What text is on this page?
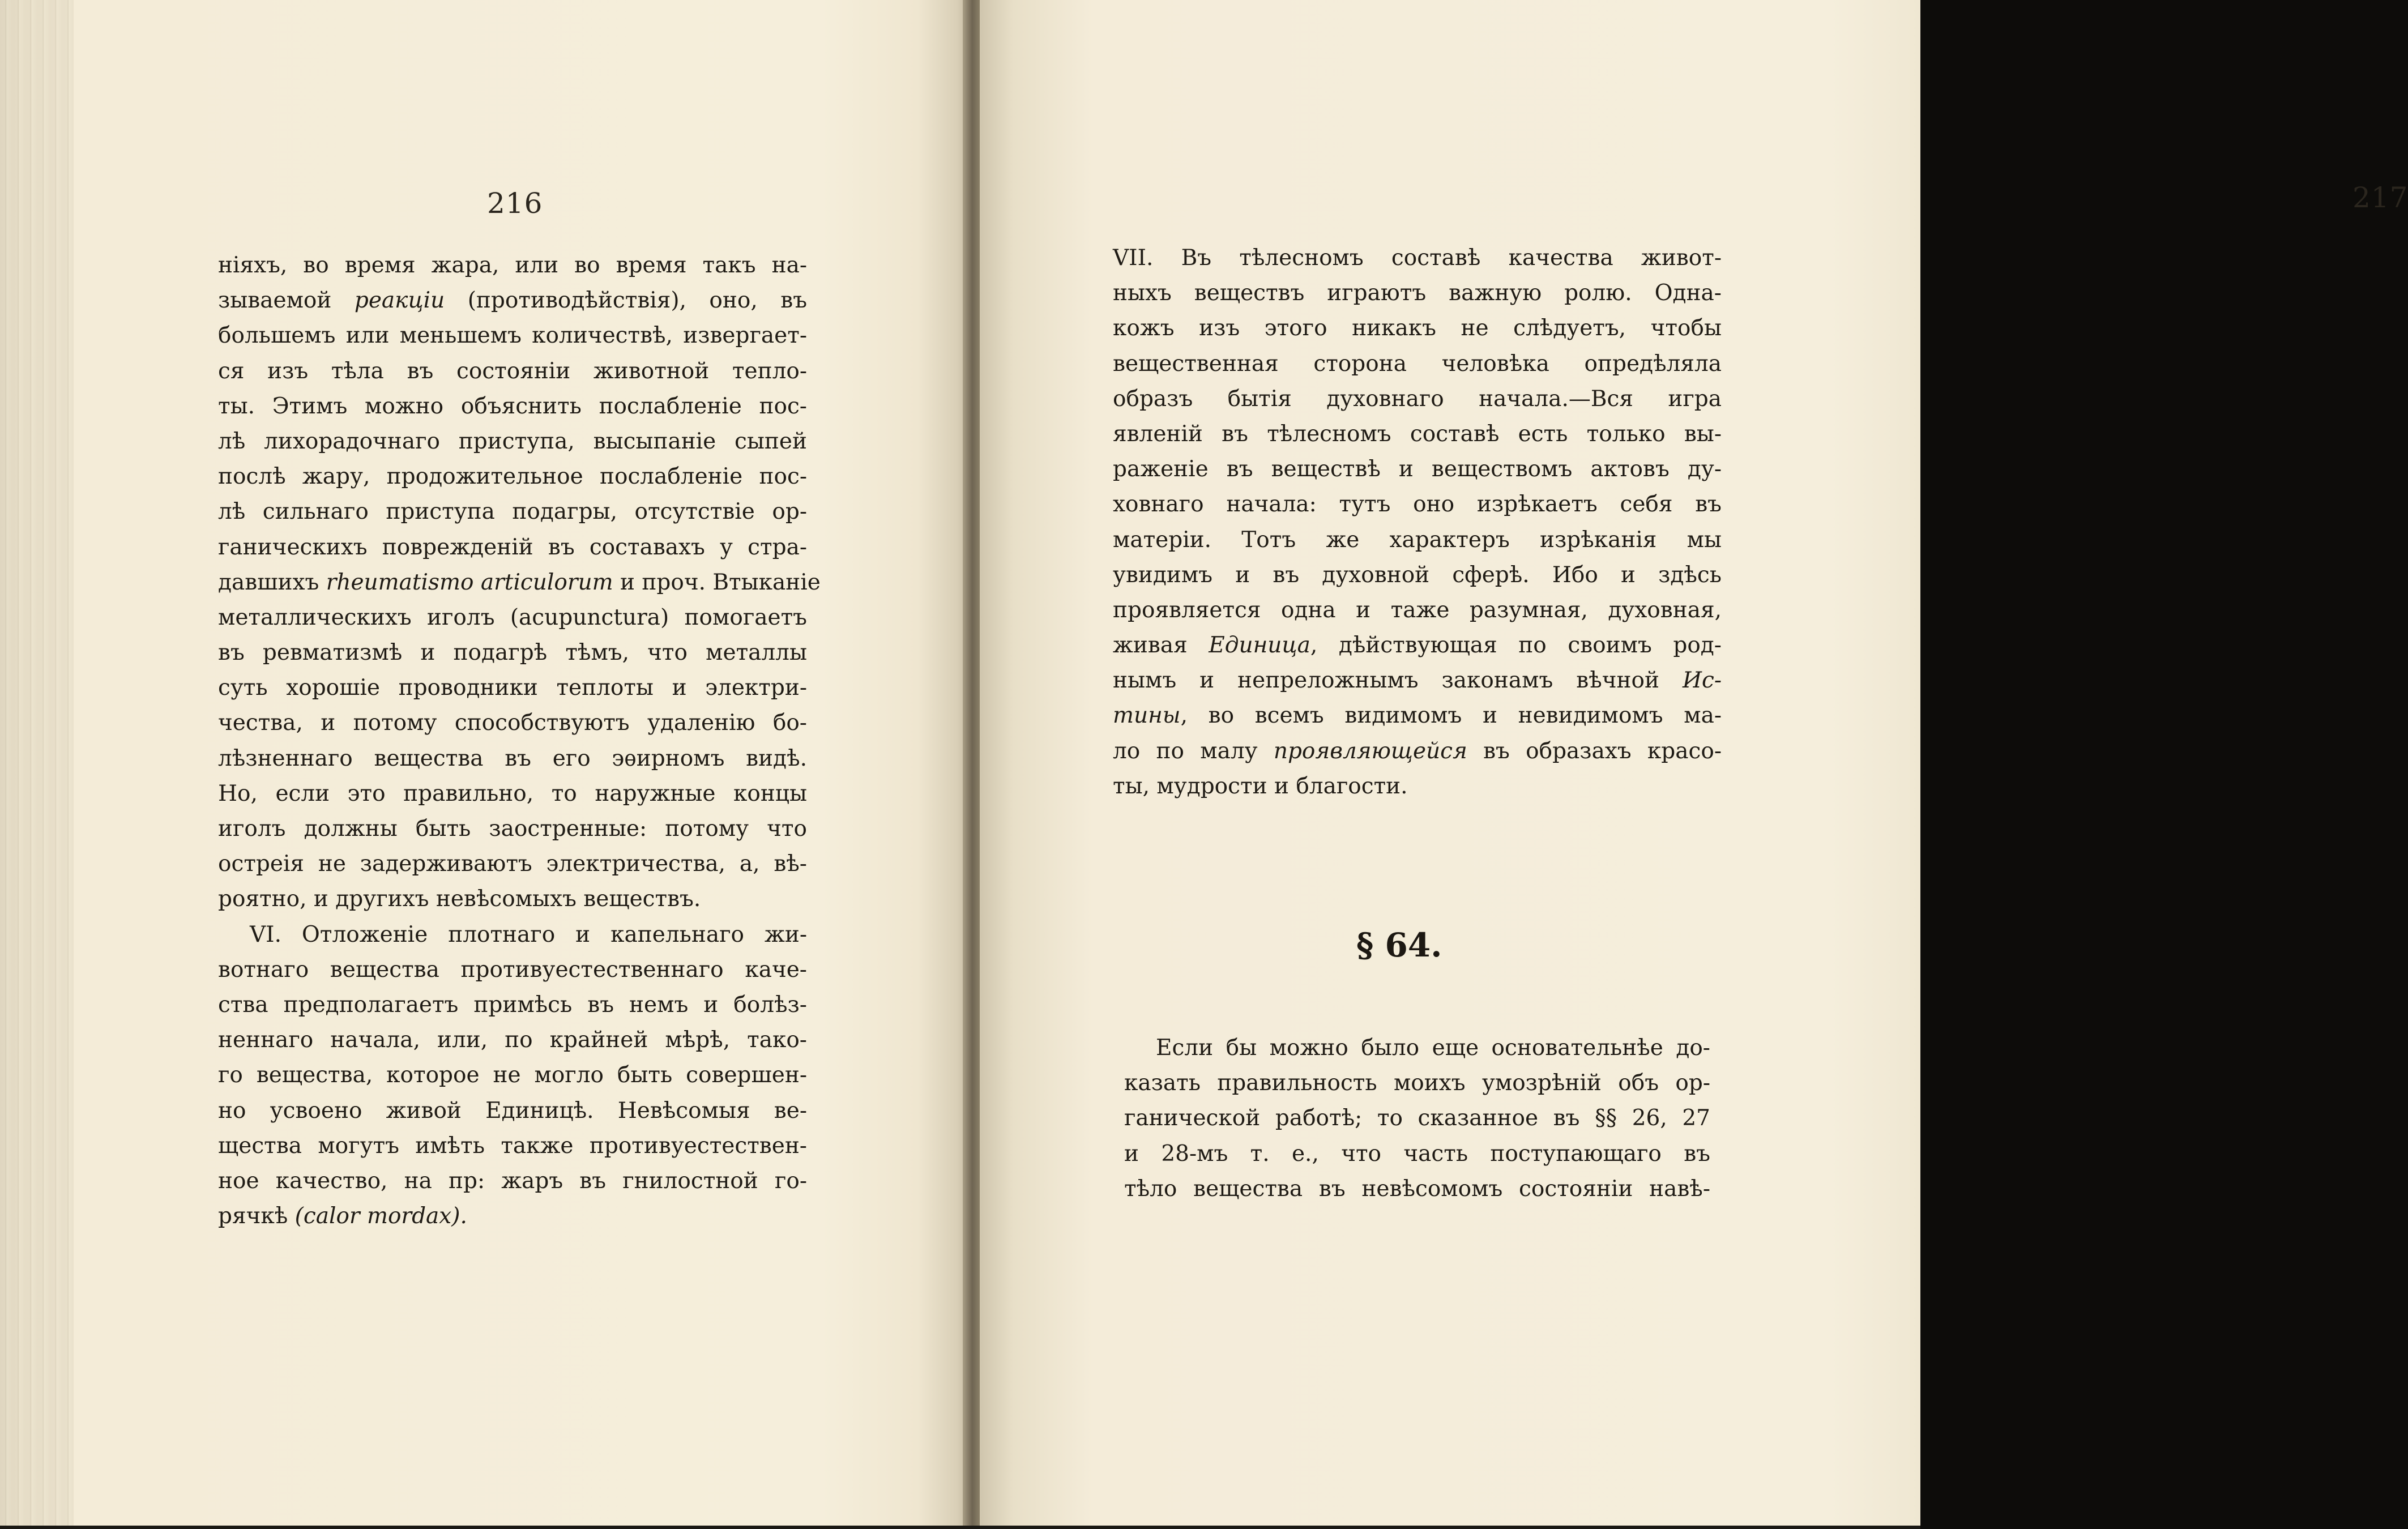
216
ніяхъ, во время жара, или во время такъ на-
зываемой реакціи (противодѣйствія), оно, въ
большемъ или меньшемъ количествѣ, извергает-
ся изъ тѣла въ состояніи животной тепло-
ты. Этимъ можно объяснить послабленіе пос-
лѣ лихорадочнаго приступа, высыпаніе сыпей
послѣ жару, продожительное послабленіе пос-
лѣ сильнаго приступа подагры, отсутствіе ор-
ганическихъ поврежденій въ составахъ у стра-
давшихъ rheumatismo articulorum и проч. Втыканіе
металлическихъ иголъ (acupunctura) помогаетъ
въ ревматизмѣ и подагрѣ тѣмъ, что металлы
суть хорошіе проводники теплоты и электри-
чества, и потому способствуютъ удаленію бо-
лѣзненнаго вещества въ его эѳирномъ видѣ.
Но, если это правильно, то наружные концы
иголъ должны быть заостренные: потому что
остреія не задерживаютъ электричества, а, вѣ-
роятно, и другихъ невѣсомыхъ веществъ.
VI. Отложеніе плотнаго и капельнаго жи-
вотнаго вещества противуестественнаго каче-
ства предполагаетъ примѣсь въ немъ и болѣз-
неннаго начала, или, по крайней мѣрѣ, тако-
го вещества, которое не могло быть совершен-
но усвоено живой Единицѣ. Невѣсомыя ве-
щества могутъ имѣть также противуестествен-
ное качество, на пр: жаръ въ гнилостной го-
рячкѣ (calor mordax).
217
VII. Въ тѣлесномъ составѣ качества живот-
ныхъ веществъ играютъ важную ролю. Одна-
кожъ изъ этого никакъ не слѣдуетъ, чтобы
вещественная сторона человѣка опредѣляла
образъ бытія духовнаго начала.—Вся игра
явленій въ тѣлесномъ составѣ есть только вы-
раженіе въ веществѣ и веществомъ актовъ ду-
ховнаго начала: тутъ оно изрѣкаетъ себя въ
матеріи. Тотъ же характеръ изрѣканія мы
увидимъ и въ духовной сферѣ. Ибо и здѣсь
проявляется одна и таже разумная, духовная,
живая Единица, дѣйствующая по своимъ род-
нымъ и непреложнымъ законамъ вѣчной Ис-
тины, во всемъ видимомъ и невидимомъ ма-
ло по малу проявляющейся въ образахъ красо-
ты, мудрости и благости.
§ 64.
Если бы можно было еще основательнѣе до-
казать правильность моихъ умозрѣній объ ор-
ганической работѣ; то сказанное въ §§ 26, 27
и 28-мъ т. е., что часть поступающаго въ
тѣло вещества въ невѣсомомъ состояніи навѣ-
